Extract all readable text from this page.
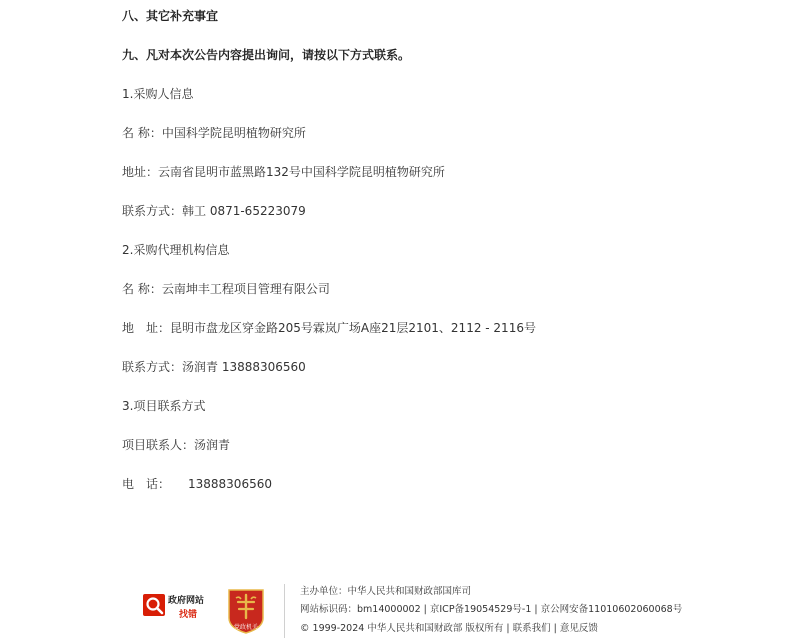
八、其它补充事宜
九、凡对本次公告内容提出询问，请按以下方式联系。
1.采购人信息
名 称：中国科学院昆明植物研究所
地址：云南省昆明市蓝黑路132号中国科学院昆明植物研究所
联系方式：韩工 0871-65223079
2.采购代理机构信息
名 称：云南坤丰工程项目管理有限公司
地　址：昆明市盘龙区穿金路205号霖岚广场A座21层2101、2112 - 2116号
联系方式：汤润青 13888306560
3.项目联系方式
项目联系人：汤润青
电　话：　　13888306560
政府网站
找错
党政机关
主办单位：中华人民共和国财政部国库司
网站标识码：bm14000002 | 京ICP备19054529号-1 | 京公网安备11010602060068号
© 1999-2024 中华人民共和国财政部 版权所有 | 联系我们 | 意见反馈
